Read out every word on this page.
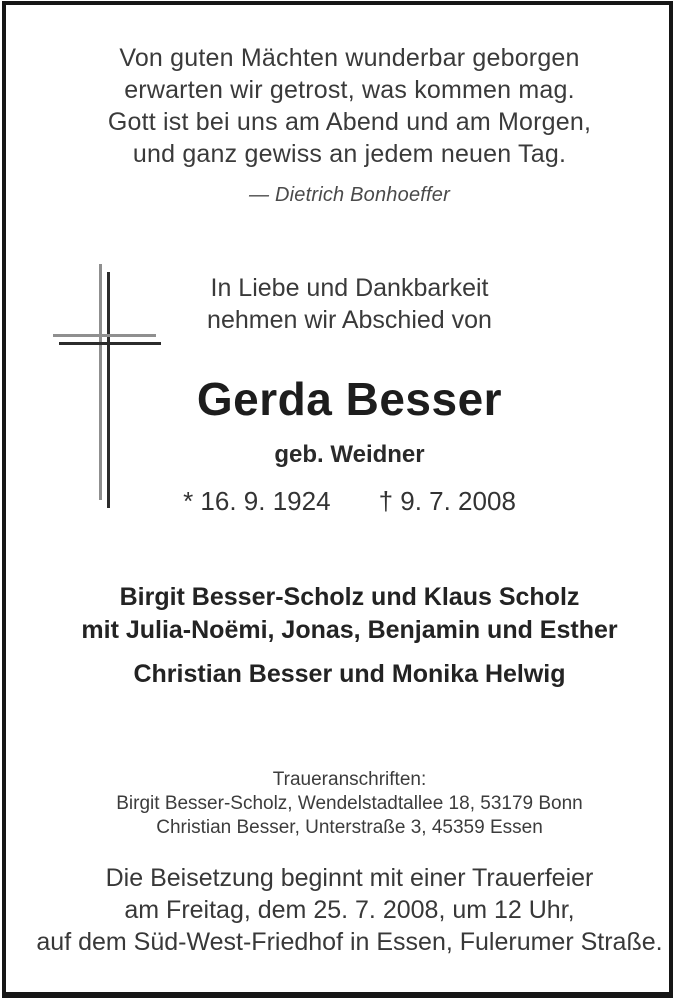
Von guten Mächten wunderbar geborgen

erwarten wir getrost, was kommen mag.

Gott ist bei uns am Abend und am Morgen,

und ganz gewiss an jedem neuen Tag.

— Dietrich Bonhoeffer

In Liebe und Dankbarkeit

nehmen wir Abschied von

Gerda Besser
geb. Weidner
* 16. 9. 1924 † 9. 7. 2008

Birgit Besser-Scholz und Klaus Scholz

mit Julia-Noëmi, Jonas, Benjamin und Esther

Christian Besser und Monika Helwig

Traueranschriften:

Birgit Besser-Scholz, Wendelstadtallee 18, 53179 Bonn

Christian Besser, Unterstraße 3, 45359 Essen

Die Beisetzung beginnt mit einer Trauerfeier

am Freitag, dem 25. 7. 2008, um 12 Uhr,

auf dem Süd-West-Friedhof in Essen, Fulerumer Straße.
